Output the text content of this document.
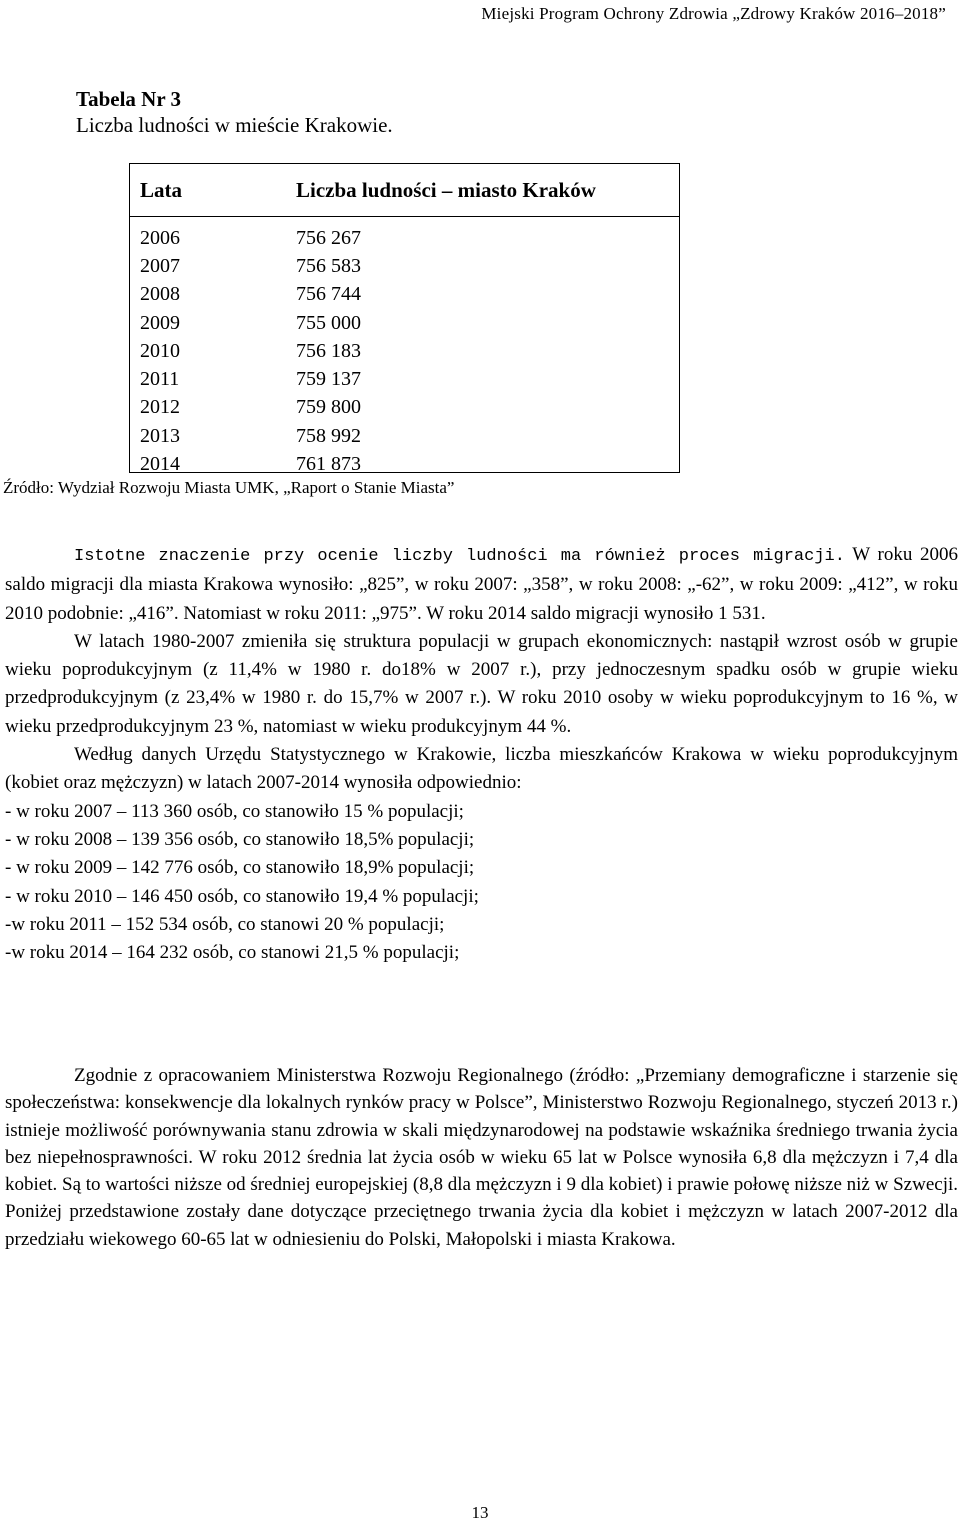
Miejski Program Ochrony Zdrowia „Zdrowy Kraków 2016–2018”
Tabela Nr 3
Liczba ludności w mieście Krakowie.
Lata	Liczba ludności – miasto Kraków
2006	756 267
2007	756 583
2008	756 744
2009	755 000
2010	756 183
2011	759 137
2012	759 800
2013	758 992
2014	761 873
Źródło: Wydział Rozwoju Miasta UMK, „Raport o Stanie Miasta”

Istotne znaczenie przy ocenie liczby ludności ma również proces migracji. W roku 2006 saldo migracji dla miasta Krakowa wynosiło: „825”, w roku 2007: „358”, w roku 2008: „-62”, w roku 2009: „412”, w roku 2010 podobnie: „416”. Natomiast w roku 2011: „975”. W roku 2014 saldo migracji wynosiło 1 531.

W latach 1980-2007 zmieniła się struktura populacji w grupach ekonomicznych: nastąpił wzrost osób w grupie wieku poprodukcyjnym (z 11,4% w 1980 r. do18% w 2007 r.), przy jednoczesnym spadku osób w grupie wieku przedprodukcyjnym (z 23,4% w 1980 r. do 15,7% w 2007 r.). W roku 2010 osoby w wieku poprodukcyjnym to 16 %, w wieku przedprodukcyjnym 23 %, natomiast w wieku produkcyjnym 44 %.

Według danych Urzędu Statystycznego w Krakowie, liczba mieszkańców Krakowa w wieku poprodukcyjnym (kobiet oraz mężczyzn) w latach 2007-2014 wynosiła odpowiednio:

- w roku 2007 – 113 360 osób, co stanowiło 15 % populacji;
- w roku 2008 – 139 356 osób, co stanowiło 18,5% populacji;
- w roku 2009 – 142 776 osób, co stanowiło 18,9% populacji;
- w roku 2010 – 146 450 osób, co stanowiło 19,4 % populacji;
-w roku 2011 – 152 534 osób, co stanowi 20 % populacji;
-w roku 2014 – 164 232 osób, co stanowi 21,5 % populacji;

Zgodnie z opracowaniem Ministerstwa Rozwoju Regionalnego (źródło: „Przemiany demograficzne i starzenie się społeczeństwa: konsekwencje dla lokalnych rynków pracy w Polsce”, Ministerstwo Rozwoju Regionalnego, styczeń 2013 r.) istnieje możliwość porównywania stanu zdrowia w skali międzynarodowej na podstawie wskaźnika średniego trwania życia bez niepełnosprawności. W roku 2012 średnia lat życia osób w wieku 65 lat w Polsce wynosiła 6,8 dla mężczyzn i 7,4 dla kobiet. Są to wartości niższe od średniej europejskiej (8,8 dla mężczyzn i 9 dla kobiet) i prawie połowę niższe niż w Szwecji. Poniżej przedstawione zostały dane dotyczące przeciętnego trwania życia dla kobiet i mężczyzn w latach 2007-2012 dla przedziału wiekowego 60-65 lat w odniesieniu do Polski, Małopolski i miasta Krakowa.

13
